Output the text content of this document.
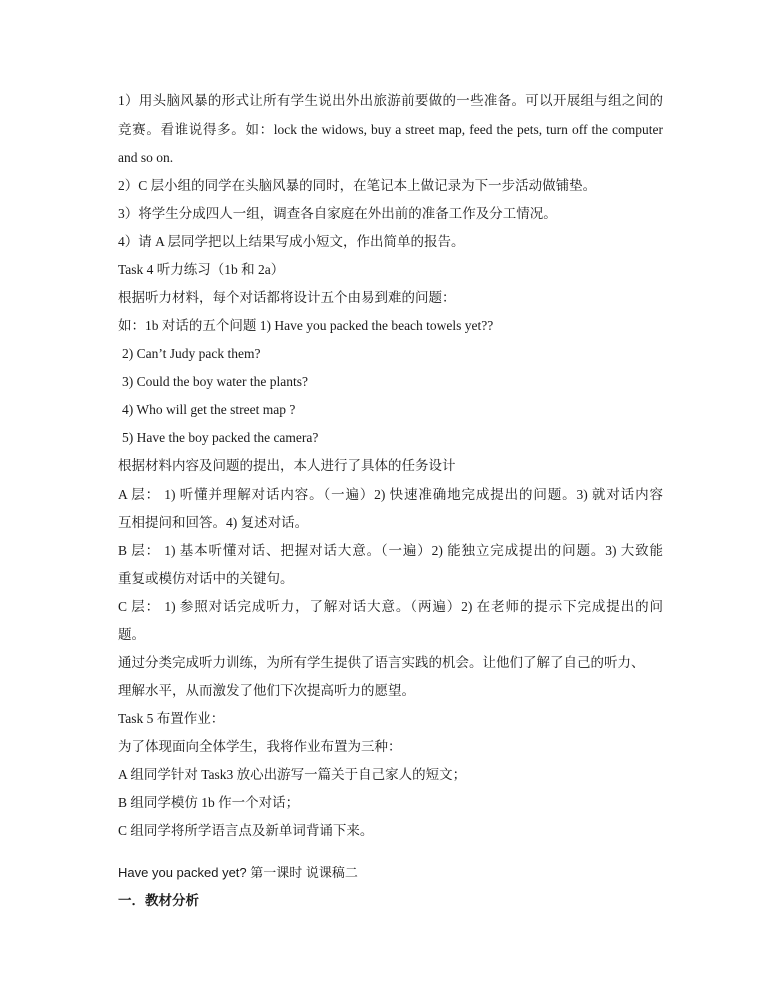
1）用头脑风暴的形式让所有学生说出外出旅游前要做的一些准备。可以开展组与组之间的
竞赛。看谁说得多。如：lock the widows, buy a street map, feed the pets, turn off the computer
and so on.
2）C 层小组的同学在头脑风暴的同时，在笔记本上做记录为下一步活动做铺垫。
3）将学生分成四人一组，调查各自家庭在外出前的准备工作及分工情况。
4）请 A 层同学把以上结果写成小短文，作出简单的报告。
Task 4 听力练习（1b 和 2a）
根据听力材料，每个对话都将设计五个由易到难的问题：
如：1b 对话的五个问题 1) Have you packed the beach towels yet??
2) Can’t Judy pack them?
3) Could the boy water the plants?
4) Who will get the street map ?
5) Have the boy packed the camera?
根据材料内容及问题的提出，本人进行了具体的任务设计
A 层： 1) 听懂并理解对话内容。（一遍）2) 快速准确地完成提出的问题。3) 就对话内容
互相提问和回答。4) 复述对话。
B 层： 1) 基本听懂对话、把握对话大意。（一遍）2) 能独立完成提出的问题。3) 大致能
重复或模仿对话中的关键句。
C 层： 1) 参照对话完成听力，了解对话大意。（两遍）2) 在老师的提示下完成提出的问
题。
通过分类完成听力训练，为所有学生提供了语言实践的机会。让他们了解了自己的听力、
理解水平，从而激发了他们下次提高听力的愿望。
Task 5 布置作业：
为了体现面向全体学生，我将作业布置为三种：
A 组同学针对 Task3 放心出游写一篇关于自己家人的短文；
B 组同学模仿 1b 作一个对话；
C 组同学将所学语言点及新单词背诵下来。
Have you packed yet? 第一课时 说课稿二
一．教材分析
